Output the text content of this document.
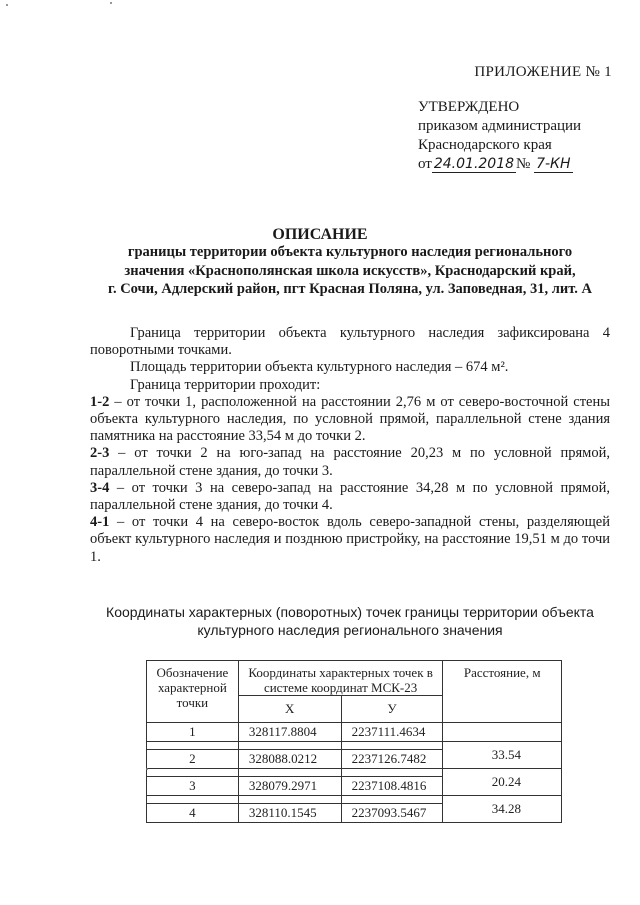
ПРИЛОЖЕНИЕ № 1
УТВЕРЖДЕНО
приказом администрации
Краснодарского края
от 24.01.2018 № 7-КН
ОПИСАНИЕ
границы территории объекта культурного наследия регионального
значения «Краснополянская школа искусств», Краснодарский край,
г. Сочи, Адлерский район, пгт Красная Поляна, ул. Заповедная, 31, лит. А

Граница территории объекта культурного наследия зафиксирована 4 поворотными точками.

Площадь территории объекта культурного наследия – 674 м².

Граница территории проходит:

1-2 – от точки 1, расположенной на расстоянии 2,76 м от северо-восточной стены объекта культурного наследия, по условной прямой, параллельной стене здания памятника на расстояние 33,54 м до точки 2.

2-3 – от точки 2 на юго-запад на расстояние 20,23 м по условной прямой, параллельной стене здания, до точки 3.

3-4 – от точки 3 на северо-запад на расстояние 34,28 м по условной прямой, параллельной стене здания, до точки 4.

4-1 – от точки 4 на северо-восток вдоль северо-западной стены, разделяющей объект культурного наследия и позднюю пристройку, на расстояние 19,51 м до точи 1.

Координаты характерных (поворотных) точек границы территории объекта
культурного наследия регионального значения
Обозначение характерной точки	Координаты характерных точек в системе координат МСК-23		Расстояние, м
	X	У	
1	328117.8804	2237111.4634	
			33.54
2	328088.0212	2237126.7482	
			20.24
3	328079.2971	2237108.4816	
			34.28
4	328110.1545	2237093.5467	
